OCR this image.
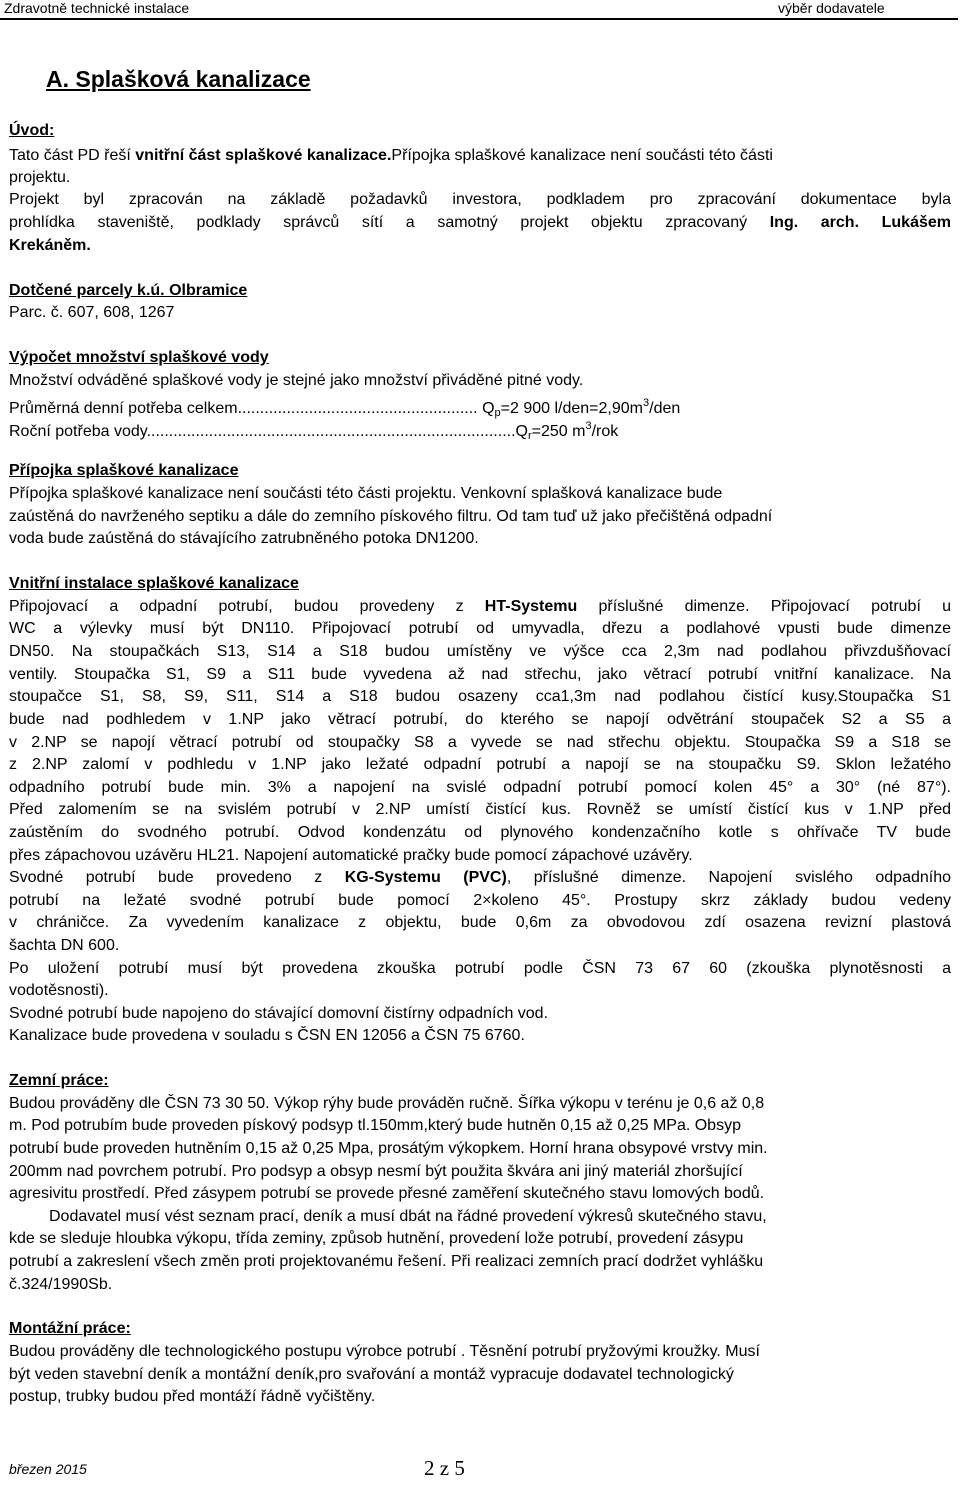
Zdravotně technické instalace	výběr dodavatele
A. Splašková kanalizace
Úvod:
Tato část PD řeší vnitřní část splaškové kanalizace.Přípojka splaškové kanalizace není součásti této části
projektu.
Projekt byl zpracován na základě požadavků investora, podkladem pro zpracování dokumentace byla
prohlídka staveniště, podklady správců sítí a samotný projekt objektu zpracovaný Ing. arch. Lukášem
Krekáněm.
Dotčené parcely k.ú. Olbramice
Parc. č. 607, 608, 1267
Výpočet množství splaškové vody
Množství odváděné splaškové vody je stejné jako množství přiváděné pitné vody.
Průměrná denní potřeba celkem...................................................... $Q_p=2$ 900 $l/den=2,90m^3$/den
Roční potřeba $vody...................................................................................Q_r=250$ $m^3$/rok
Přípojka splaškové kanalizace
Přípojka splaškové kanalizace není součásti této části projektu. Venkovní splašková kanalizace bude
zaústěná do navrženého septiku a dále do zemního pískového filtru. Od tam tuď už jako přečištěná odpadní
voda bude zaústěná do stávajícího zatrubněného potoka DN1200.
Vnitřní instalace splaškové kanalizace
Připojovací a odpadní potrubí, budou provedeny z HT-Systemu příslušné dimenze. Připojovací potrubí u
WC a výlevky musí být DN110. Připojovací potrubí od umyvadla, dřezu a podlahové vpusti bude dimenze
DN50. Na stoupačkách S13, S14 a S18 budou umístěny ve výšce cca 2,3m nad podlahou přivzdušňovací
ventily. Stoupačka S1, S9 a S11 bude vyvedena až nad střechu, jako větrací potrubí vnitřní kanalizace. Na
stoupačce S1, S8, S9, S11, S14 a S18 budou osazeny cca1,3m nad podlahou čistící kusy.Stoupačka S1
bude nad podhledem v 1.NP jako větrací potrubí, do kterého se napojí odvětrání stoupaček S2 a S5 a
v 2.NP se napojí větrací potrubí od stoupačky S8 a vyvede se nad střechu objektu. Stoupačka S9 a S18 se
z 2.NP zalomí v podhledu v 1.NP jako ležaté odpadní potrubí a napojí se na stoupačku S9. Sklon ležatého
odpadního potrubí bude min. 3% a napojení na svislé odpadní potrubí pomocí kolen 45° a 30° (né 87°).
Před zalomením se na svislém potrubí v 2.NP umístí čistící kus. Rovněž se umístí čistící kus v 1.NP před
zaústěním do svodného potrubí. Odvod kondenzátu od plynového kondenzačního kotle s ohřívače TV bude
přes zápachovou uzávěru HL21. Napojení automatické pračky bude pomocí zápachové uzávěry.
Svodné potrubí bude provedeno z KG-Systemu (PVC), příslušné dimenze. Napojení svislého odpadního
potrubí na ležaté svodné potrubí bude pomocí 2×koleno 45°. Prostupy skrz základy budou vedeny
v chráničce. Za vyvedením kanalizace z objektu, bude 0,6m za obvodovou zdí osazena revizní plastová
šachta DN 600.
Po uložení potrubí musí být provedena zkouška potrubí podle ČSN 73 67 60 (zkouška plynotěsnosti a
vodotěsnosti).
Svodné potrubí bude napojeno do stávající domovní čistírny odpadních vod.
Kanalizace bude provedena v souladu s ČSN EN 12056 a ČSN 75 6760.
Zemní práce:
Budou prováděny dle ČSN 73 30 50. Výkop rýhy bude prováděn ručně. Šířka výkopu v terénu je 0,6 až 0,8
m. Pod potrubím bude proveden pískový podsyp tl.150mm,který bude hutněn 0,15 až 0,25 MPa. Obsyp
potrubí bude proveden hutněním 0,15 až 0,25 Mpa, prosátým výkopkem. Horní hrana obsypové vrstvy min.
200mm nad povrchem potrubí. Pro podsyp a obsyp nesmí být použita škvára ani jiný materiál zhoršující
agresivitu prostředí. Před zásypem potrubí se provede přesné zaměření skutečného stavu lomových bodů.
Dodavatel musí vést seznam prací, deník a musí dbát na řádné provedení výkresů skutečného stavu,
kde se sleduje hloubka výkopu, třída zeminy, způsob hutnění, provedení lože potrubí, provedení zásypu
potrubí a zakreslení všech změn proti projektovanému řešení. Při realizaci zemních prací dodržet vyhlášku
č.324/1990Sb.
Montážní práce:
Budou prováděny dle technologického postupu výrobce potrubí . Těsnění potrubí pryžovými kroužky. Musí
být veden stavební deník a montážní deník,pro svařování a montáž vypracuje dodavatel technologický
postup, trubky budou před montáží řádně vyčištěny.
březen 2015	2 z 5
